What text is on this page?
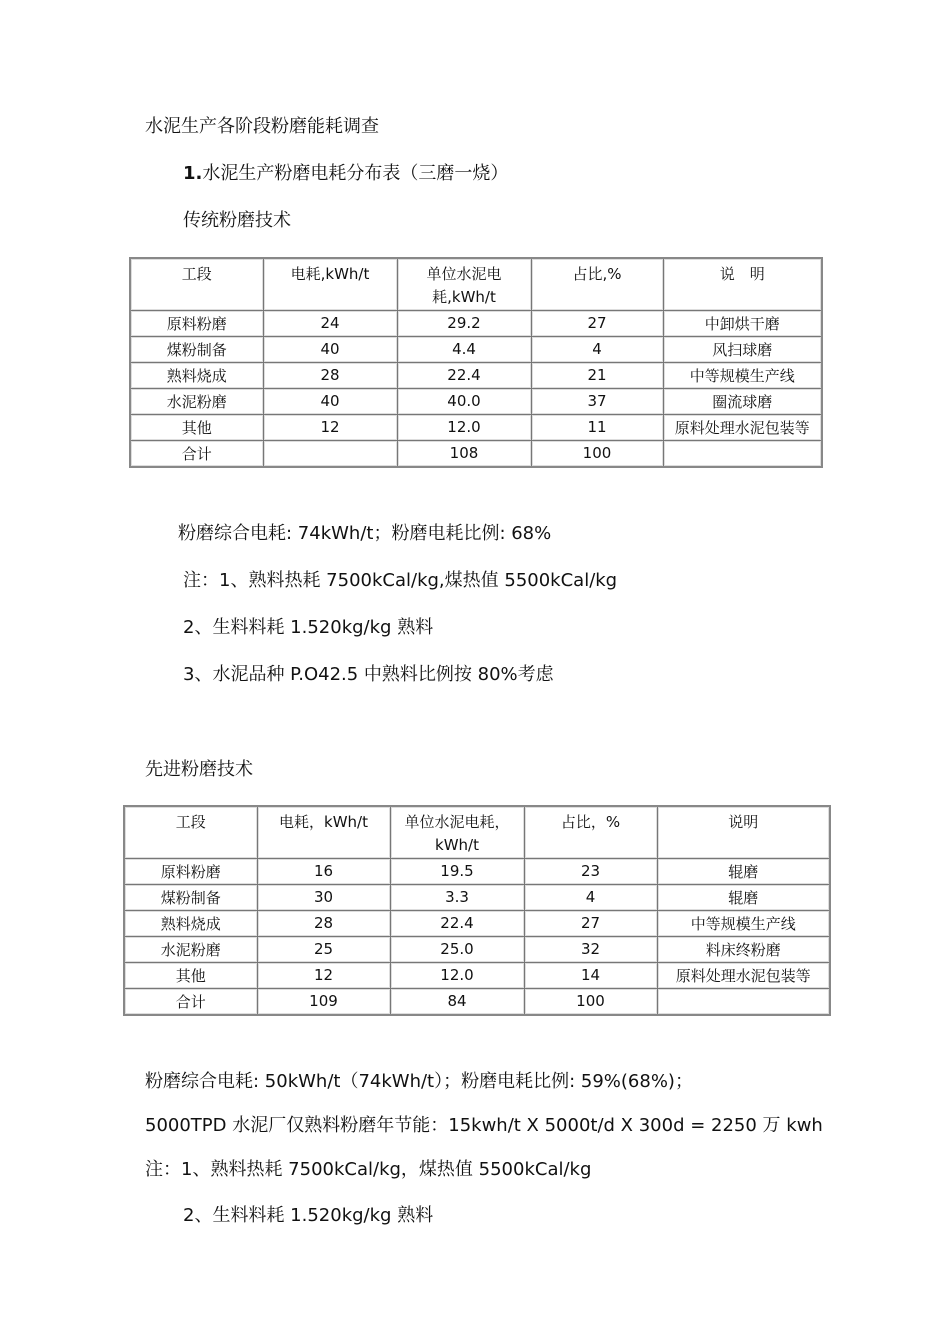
水泥生产各阶段粉磨能耗调查
1.水泥生产粉磨电耗分布表（三磨一烧）
传统粉磨技术
工段	电耗,kWh/t	单位水泥电耗,kWh/t	占比,%	说　明
原料粉磨	24	29.2	27	中卸烘干磨
煤粉制备	40	4.4	4	风扫球磨
熟料烧成	28	22.4	21	中等规模生产线
水泥粉磨	40	40.0	37	圈流球磨
其他	12	12.0	11	原料处理水泥包装等
合计		108	100	
粉磨综合电耗: 74kWh/t；粉磨电耗比例: 68%
注：1、熟料热耗 7500kCal/kg,煤热值 5500kCal/kg
2、生料料耗 1.520kg/kg 熟料
3、水泥品种 P.O42.5 中熟料比例按 80%考虑
先进粉磨技术
工段	电耗，kWh/t	单位水泥电耗，kWh/t	占比，%	说明
原料粉磨	16	19.5	23	辊磨
煤粉制备	30	3.3	4	辊磨
熟料烧成	28	22.4	27	中等规模生产线
水泥粉磨	25	25.0	32	料床终粉磨
其他	12	12.0	14	原料处理水泥包装等
合计	109	84	100	
粉磨综合电耗: 50kWh/t（74kWh/t）；粉磨电耗比例: 59%(68%)；
5000TPD 水泥厂仅熟料粉磨年节能：15kwh/t X 5000t/d X 300d = 2250 万 kwh
注：1、熟料热耗 7500kCal/kg，煤热值 5500kCal/kg
2、生料料耗 1.520kg/kg 熟料
